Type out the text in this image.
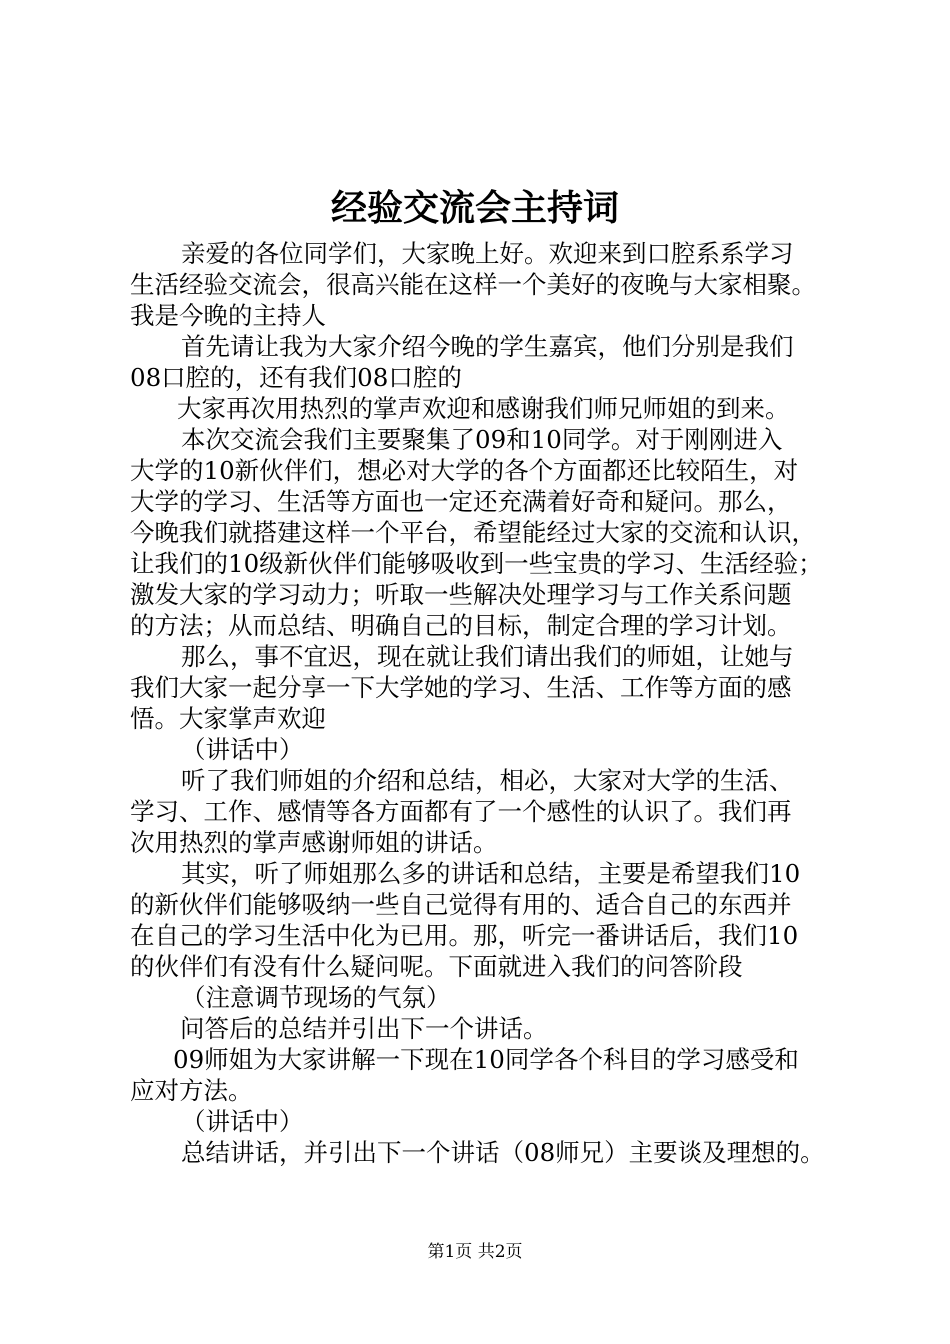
经验交流会主持词
亲爱的各位同学们，大家晚上好。欢迎来到口腔系系学习
生活经验交流会，很高兴能在这样一个美好的夜晚与大家相聚。
我是今晚的主持人
首先请让我为大家介绍今晚的学生嘉宾，他们分别是我们
08口腔的，还有我们08口腔的
大家再次用热烈的掌声欢迎和感谢我们师兄师姐的到来。
本次交流会我们主要聚集了09和10同学。对于刚刚进入
大学的10新伙伴们，想必对大学的各个方面都还比较陌生，对
大学的学习、生活等方面也一定还充满着好奇和疑问。那么，
今晚我们就搭建这样一个平台，希望能经过大家的交流和认识，
让我们的10级新伙伴们能够吸收到一些宝贵的学习、生活经验；
激发大家的学习动力；听取一些解决处理学习与工作关系问题
的方法；从而总结、明确自己的目标，制定合理的学习计划。
那么，事不宜迟，现在就让我们请出我们的师姐，让她与
我们大家一起分享一下大学她的学习、生活、工作等方面的感
悟。大家掌声欢迎
（讲话中）
听了我们师姐的介绍和总结，相必，大家对大学的生活、
学习、工作、感情等各方面都有了一个感性的认识了。我们再
次用热烈的掌声感谢师姐的讲话。
其实，听了师姐那么多的讲话和总结，主要是希望我们10
的新伙伴们能够吸纳一些自己觉得有用的、适合自己的东西并
在自己的学习生活中化为已用。那，听完一番讲话后，我们10
的伙伴们有没有什么疑问呢。下面就进入我们的问答阶段
（注意调节现场的气氛）
问答后的总结并引出下一个讲话。
09师姐为大家讲解一下现在10同学各个科目的学习感受和
应对方法。
（讲话中）
总结讲话，并引出下一个讲话（08师兄）主要谈及理想的。
第1页 共2页
